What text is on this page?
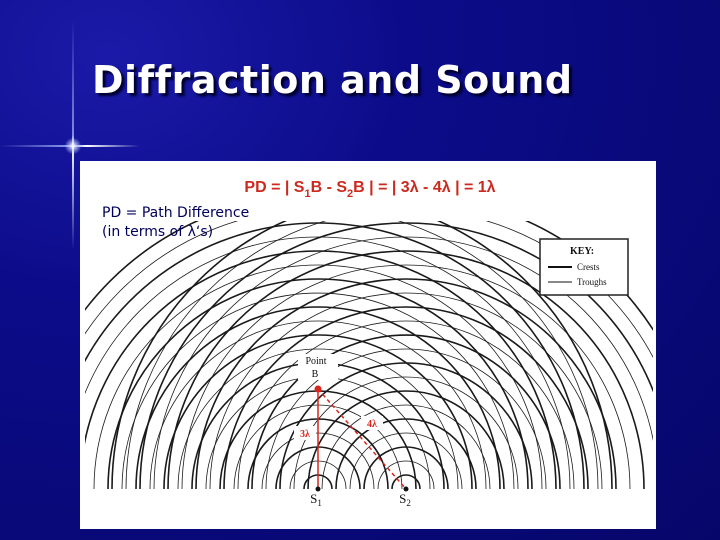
Diffraction and Sound
PD = | $S_1B - S_2B$ | = | 3λ - 4λ | = 1λ
KEY:
Crests
Troughs
Point
B
3λ
4λ
$S_1$	$S_2$
PD = Path Difference
(in terms of λ‘s)
